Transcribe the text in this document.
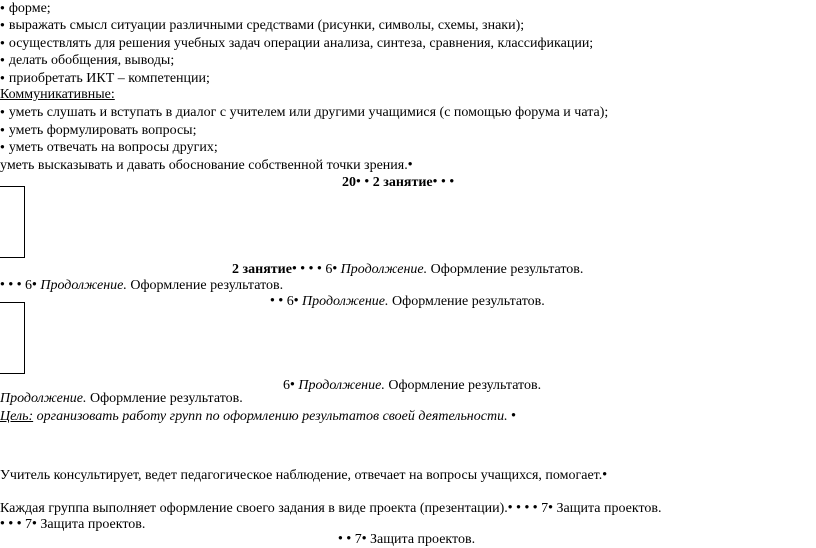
● форме;
● выражать смысл ситуации различными средствами (рисунки, символы, схемы, знаки);
● осуществлять для решения учебных задач операции анализа, синтеза, сравнения, классификации;
● делать обобщения, выводы;
● приобретать ИКТ – компетенции;
Коммуникативные:
● уметь слушать и вступать в диалог с учителем или другими учащимися (с помощью форума и чата);
● уметь формулировать вопросы;
● уметь отвечать на вопросы других;
уметь высказывать и давать обоснование собственной точки зрения.●
20● ● 2 занятие● ● ●
2 занятие● ● ● ● 6● Продолжение. Оформление результатов.
● ● ● 6● Продолжение. Оформление результатов.
● ● 6● Продолжение. Оформление результатов.
6● Продолжение. Оформление результатов.
Продолжение. Оформление результатов.
Цель: организовать работу групп по оформлению результатов своей деятельности. ●
Учитель консультирует, ведет педагогическое наблюдение, отвечает на вопросы учащихся, помогает.●
Каждая группа выполняет оформление своего задания в виде проекта (презентации).● ● ● ● 7● Защита проектов.
● ● ● 7● Защита проектов.
● ● 7● Защита проектов.
